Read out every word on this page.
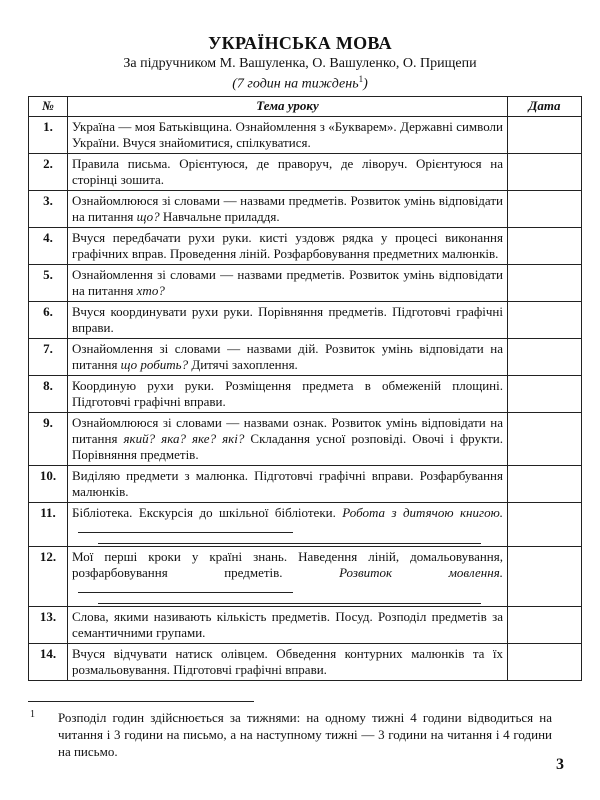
УКРАЇНСЬКА МОВА
За підручником М. Вашуленка, О. Вашуленко, О. Прищепи
(7 годин на тиждень$^1$)
№	Тема уроку	Дата
1.	Україна — моя Батьківщина. Ознайомлення з «Букварем». Державні символи України. Вчуся знайомитися, спілкуватися.	
2.	Правила письма. Орієнтуюся, де праворуч, де ліворуч. Орієнтуюся на сторінці зошита.	
3.	Ознайомлююся зі словами — назвами предметів. Розвиток умінь відповідати на питання що? Навчальне приладдя.	
4.	Вчуся передбачати рухи руки. кисті уздовж рядка у процесі виконання графічних вправ. Проведення ліній. Розфарбовування предметних малюнків.	
5.	Ознайомлення зі словами — назвами предметів. Розвиток умінь відповідати на питання хто?	
6.	Вчуся координувати рухи руки. Порівняння предметів. Підготовчі графічні вправи.	
7.	Ознайомлення зі словами — назвами дій. Розвиток умінь відповідати на питання що робить? Дитячі захоплення.	
8.	Координую рухи руки. Розміщення предмета в обмеженій площині. Підготовчі графічні вправи.	
9.	Ознайомлююся зі словами — назвами ознак. Розвиток умінь відповідати на питання який? яка? яке? які? Складання усної розповіді. Овочі і фрукти. Порівняння предметів.	
10.	Виділяю предмети з малюнка. Підготовчі графічні вправи. Розфарбування малюнків.	
11.	Бібліотека. Екскурсія до шкільної бібліотеки. Робота з дитячою книгою.

12.	Мої перші кроки у країні знань. Наведення ліній, домальовування, розфарбовування предметів. Розвиток мовлення.

13.	Слова, якими називають кількість предметів. Посуд. Розподіл предметів за семантичними групами.	
14.	Вчуся відчувати натиск олівцем. Обведення контурних малюнків та їх розмальовування. Підготовчі графічні вправи.	
1 Розподіл годин здійснюється за тижнями: на одному тижні 4 години відводиться на читання і 3 години на письмо, а на наступному тижні — 3 години на читання і 4 години на письмо.
3
